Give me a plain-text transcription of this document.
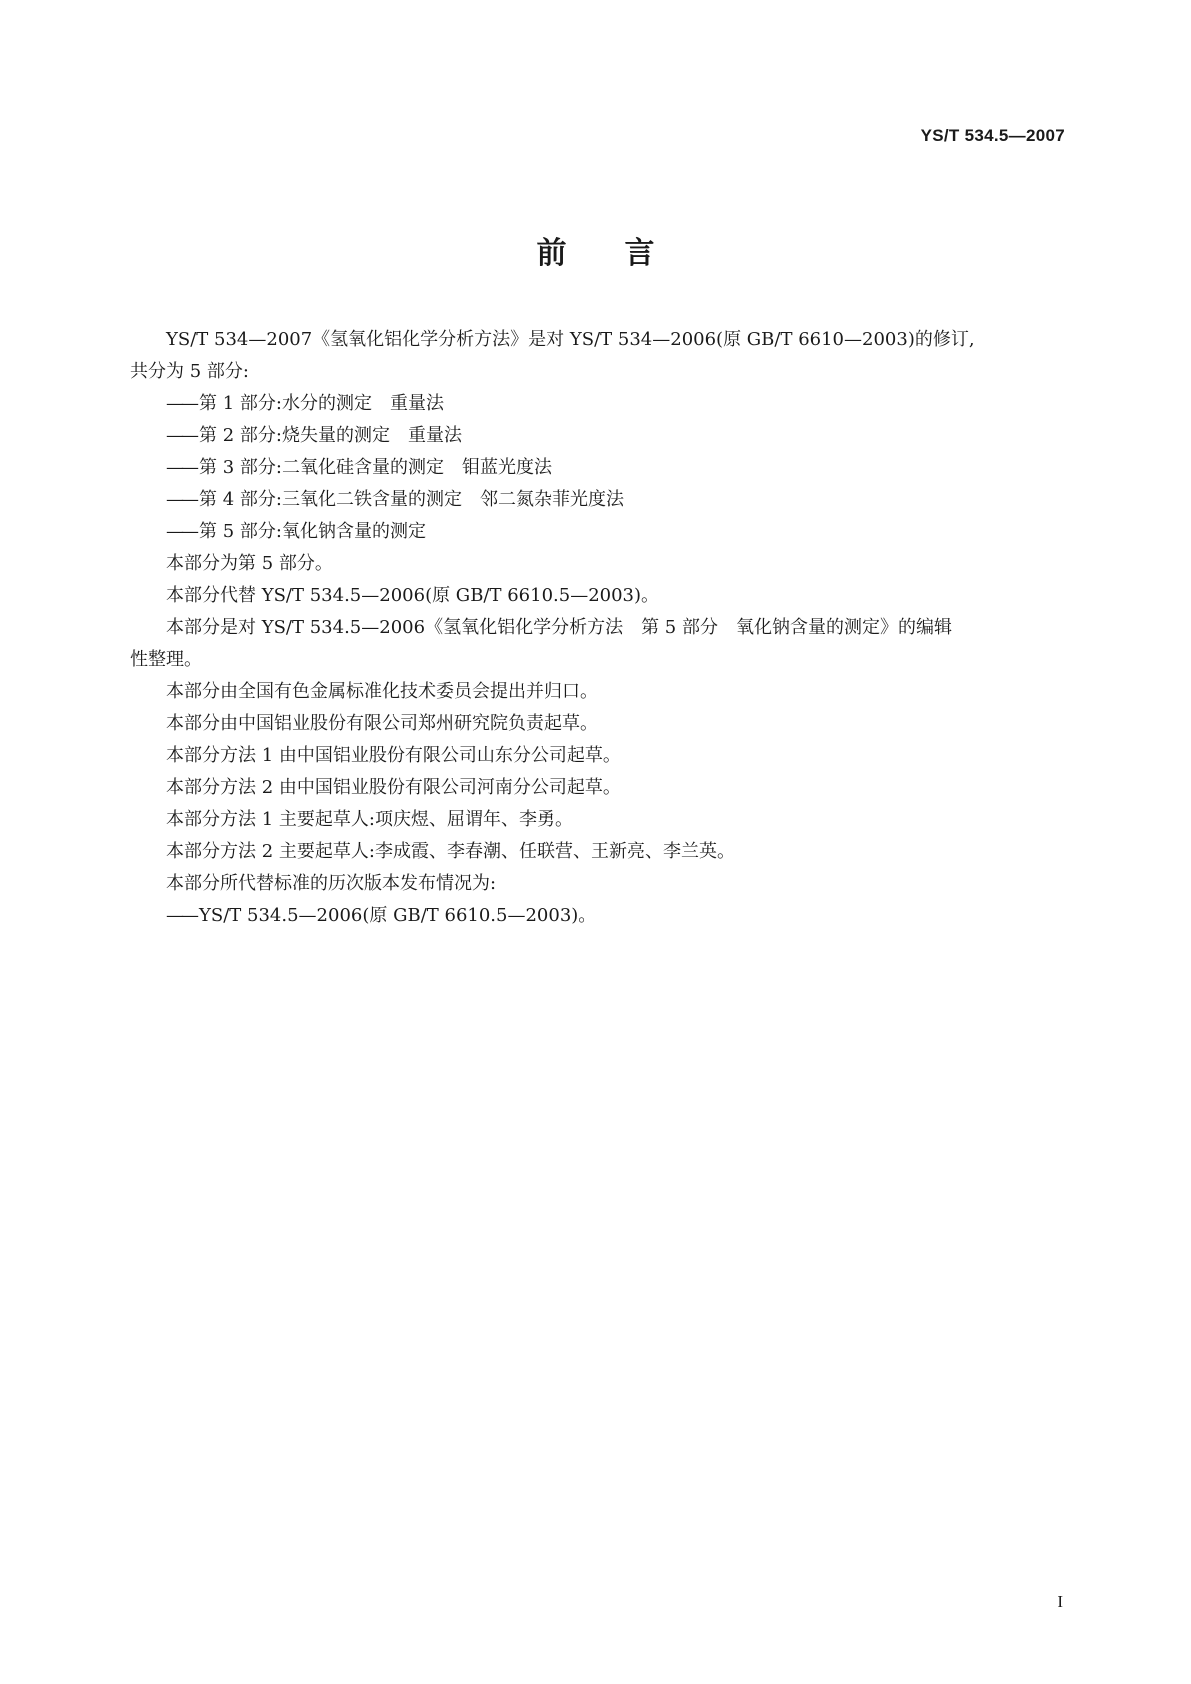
YS/T 534.5—2007
前言

YS/T 534—2007《氢氧化铝化学分析方法》是对 YS/T 534—2006(原 GB/T 6610—2003)的修订,
共分为 5 部分:

—— 第 1 部分:水分的测定　重量法

—— 第 2 部分:烧失量的测定　重量法

—— 第 3 部分:二氧化硅含量的测定　钼蓝光度法

—— 第 4 部分:三氧化二铁含量的测定　邻二氮杂菲光度法

—— 第 5 部分:氧化钠含量的测定

本部分为第 5 部分。

本部分代替 YS/T 534.5—2006(原 GB/T 6610.5—2003)。

本部分是对 YS/T 534.5—2006《氢氧化铝化学分析方法　第 5 部分　氧化钠含量的测定》的编辑
性整理。

本部分由全国有色金属标准化技术委员会提出并归口。

本部分由中国铝业股份有限公司郑州研究院负责起草。

本部分方法 1 由中国铝业股份有限公司山东分公司起草。

本部分方法 2 由中国铝业股份有限公司河南分公司起草。

本部分方法 1 主要起草人:项庆煜、屈谓年、李勇。

本部分方法 2 主要起草人:李成霞、李春潮、任联营、王新亮、李兰英。

本部分所代替标准的历次版本发布情况为:

—— YS/T 534.5—2006(原 GB/T 6610.5—2003)。

I
